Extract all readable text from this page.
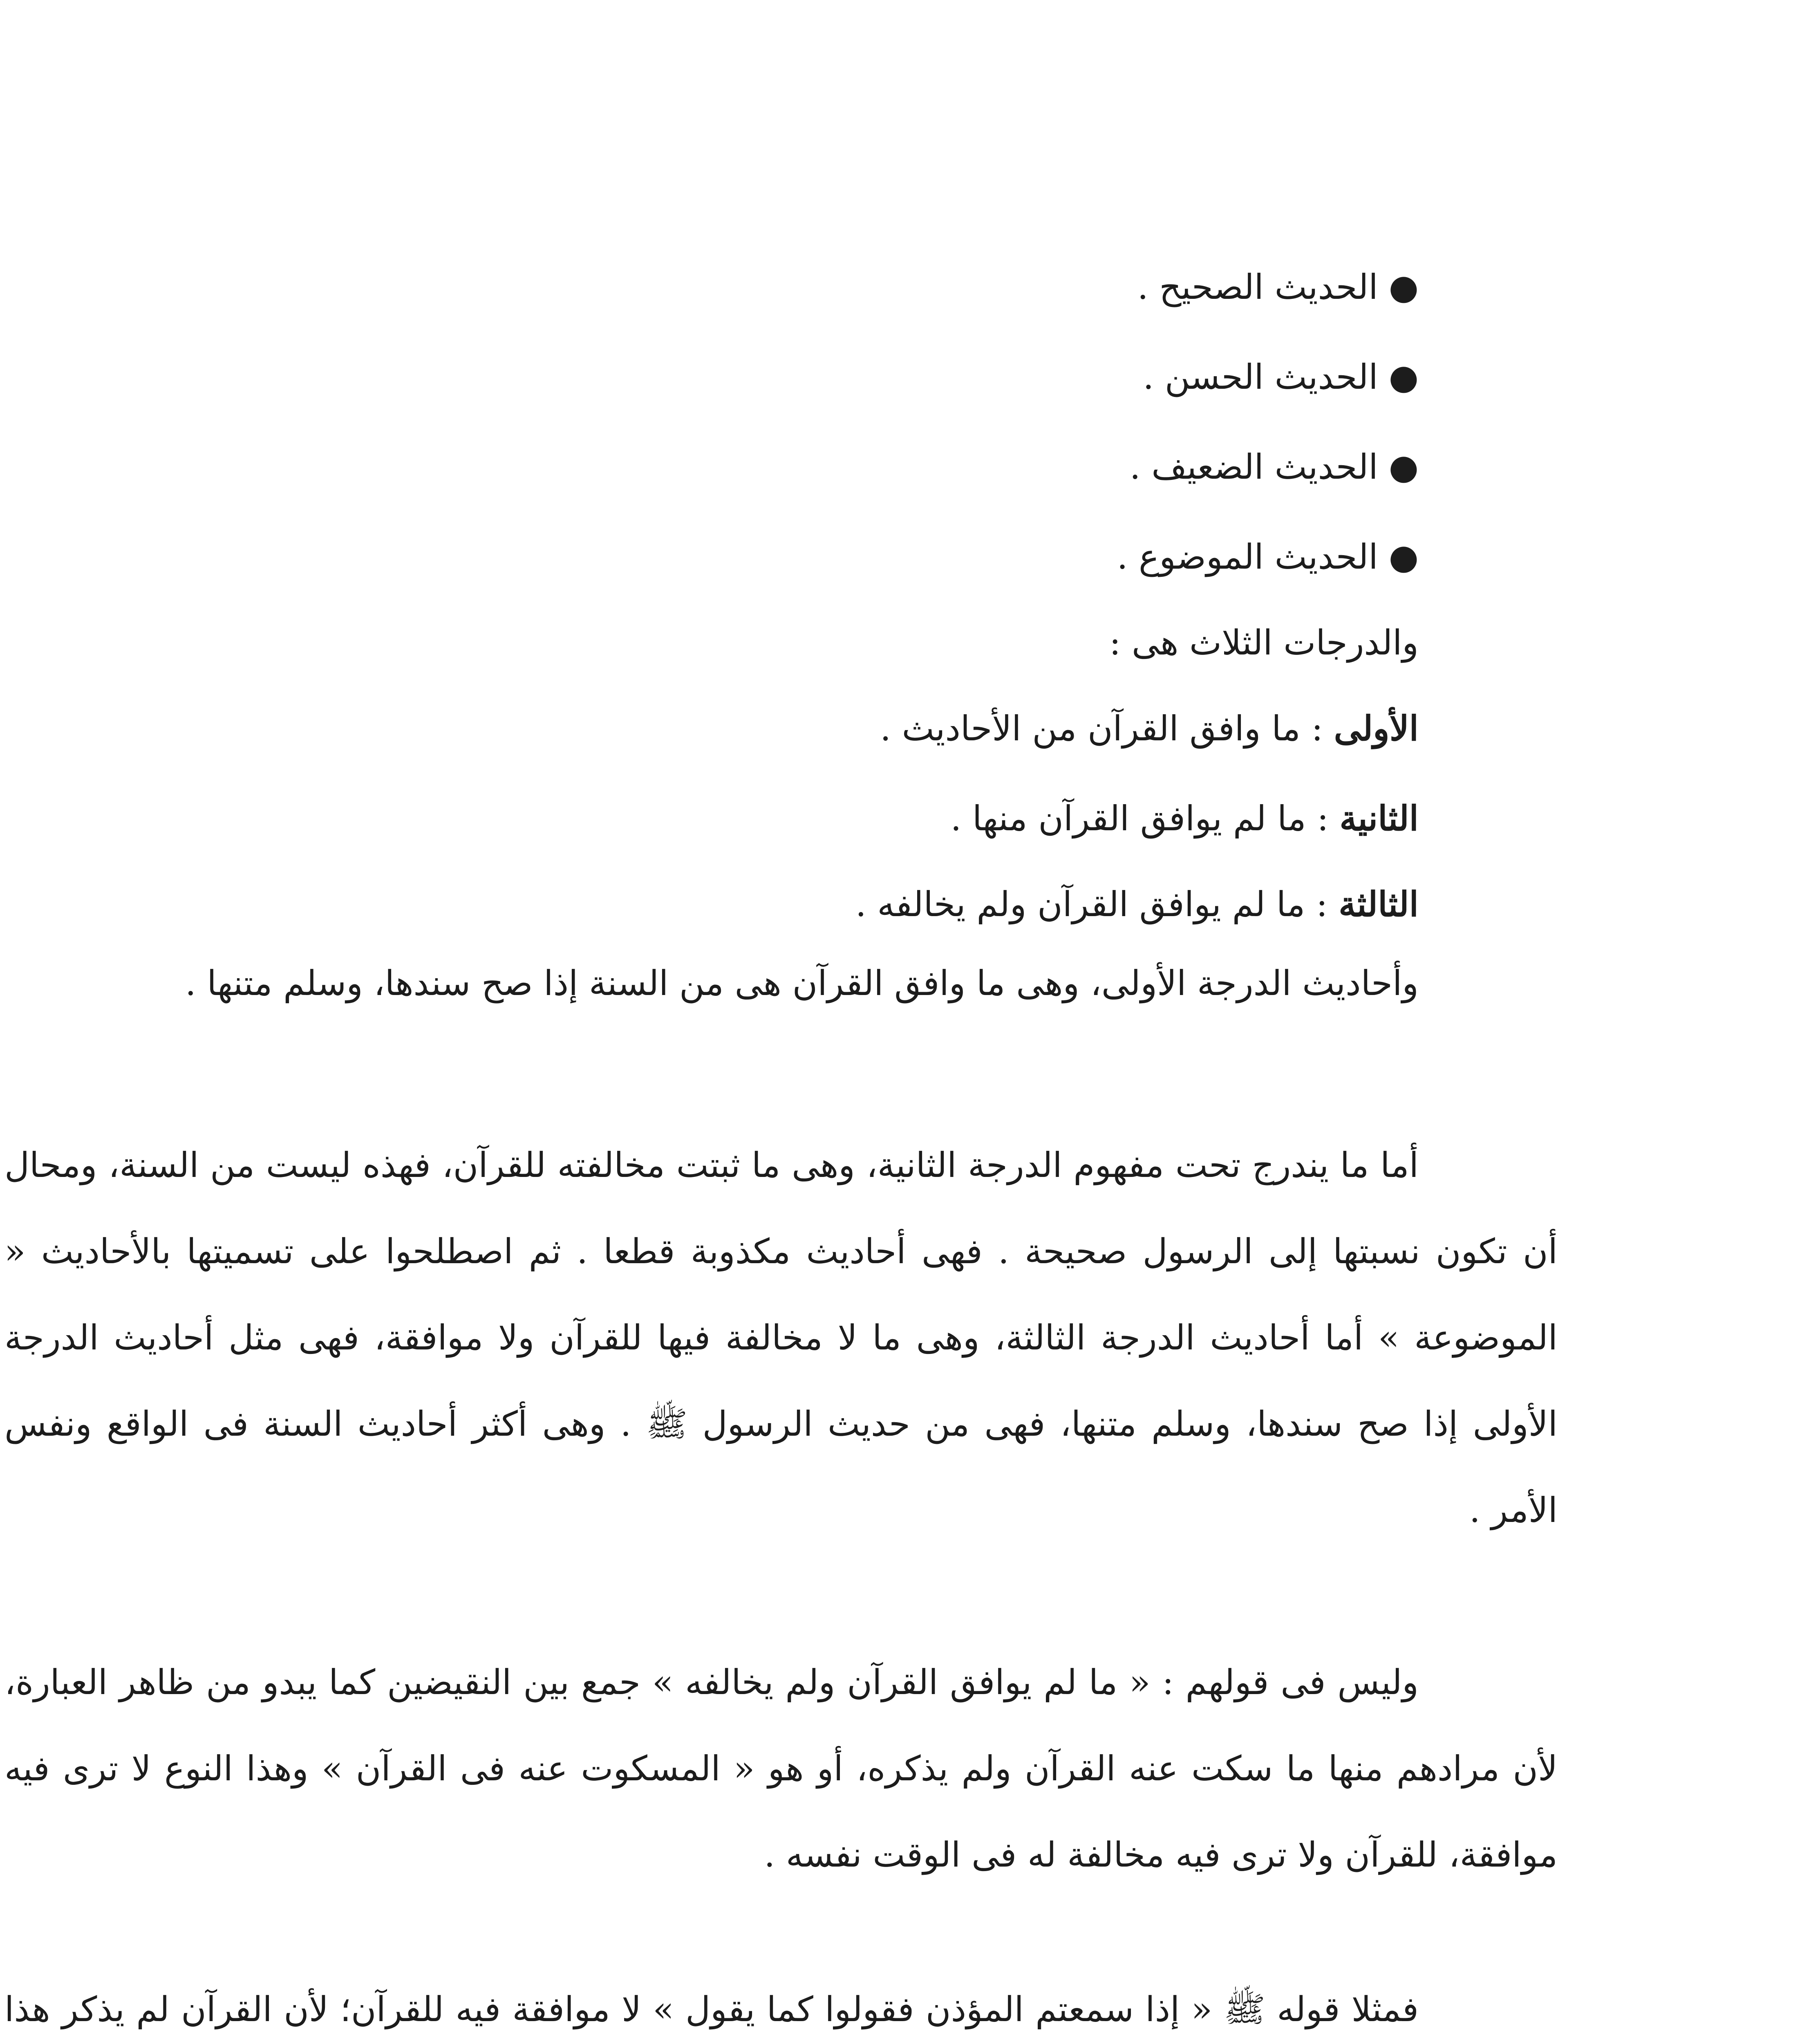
●الحديث الصحيح .
●الحديث الحسن .
●الحديث الضعيف .
●الحديث الموضوع .
والدرجات الثلاث هى :
الأولى : ما وافق القرآن من الأحاديث .
الثانية : ما لم يوافق القرآن منها .
الثالثة : ما لم يوافق القرآن ولم يخالفه .

وأحاديث الدرجة الأولى، وهى ما وافق القرآن هى من السنة إذا صح سندها، وسلم متنها .

أما ما يندرج تحت مفهوم الدرجة الثانية، وهى ما ثبتت مخالفته للقرآن، فهذه ليست من السنة، ومحال أن تكون نسبتها إلى الرسول صحيحة . فهى أحاديث مكذوبة قطعا . ثم اصطلحوا على تسميتها بالأحاديث « الموضوعة » أما أحاديث الدرجة الثالثة، وهى ما لا مخالفة فيها للقرآن ولا موافقة، فهى مثل أحاديث الدرجة الأولى إذا صح سندها، وسلم متنها، فهى من حديث الرسول ﷺ . وهى أكثر أحاديث السنة فى الواقع ونفس الأمر .

وليس فى قولهم : « ما لم يوافق القرآن ولم يخالفه » جمع بين النقيضين كما يبدو من ظاهر العبارة، لأن مرادهم منها ما سكت عنه القرآن ولم يذكره، أو هو « المسكوت عنه فى القرآن » وهذا النوع لا ترى فيه موافقة، للقرآن ولا ترى فيه مخالفة له فى الوقت نفسه .

فمثلا قوله ﷺ « إذا سمعتم المؤذن فقولوا كما يقول » لا موافقة فيه للقرآن؛ لأن القرآن لم يذكر هذا
